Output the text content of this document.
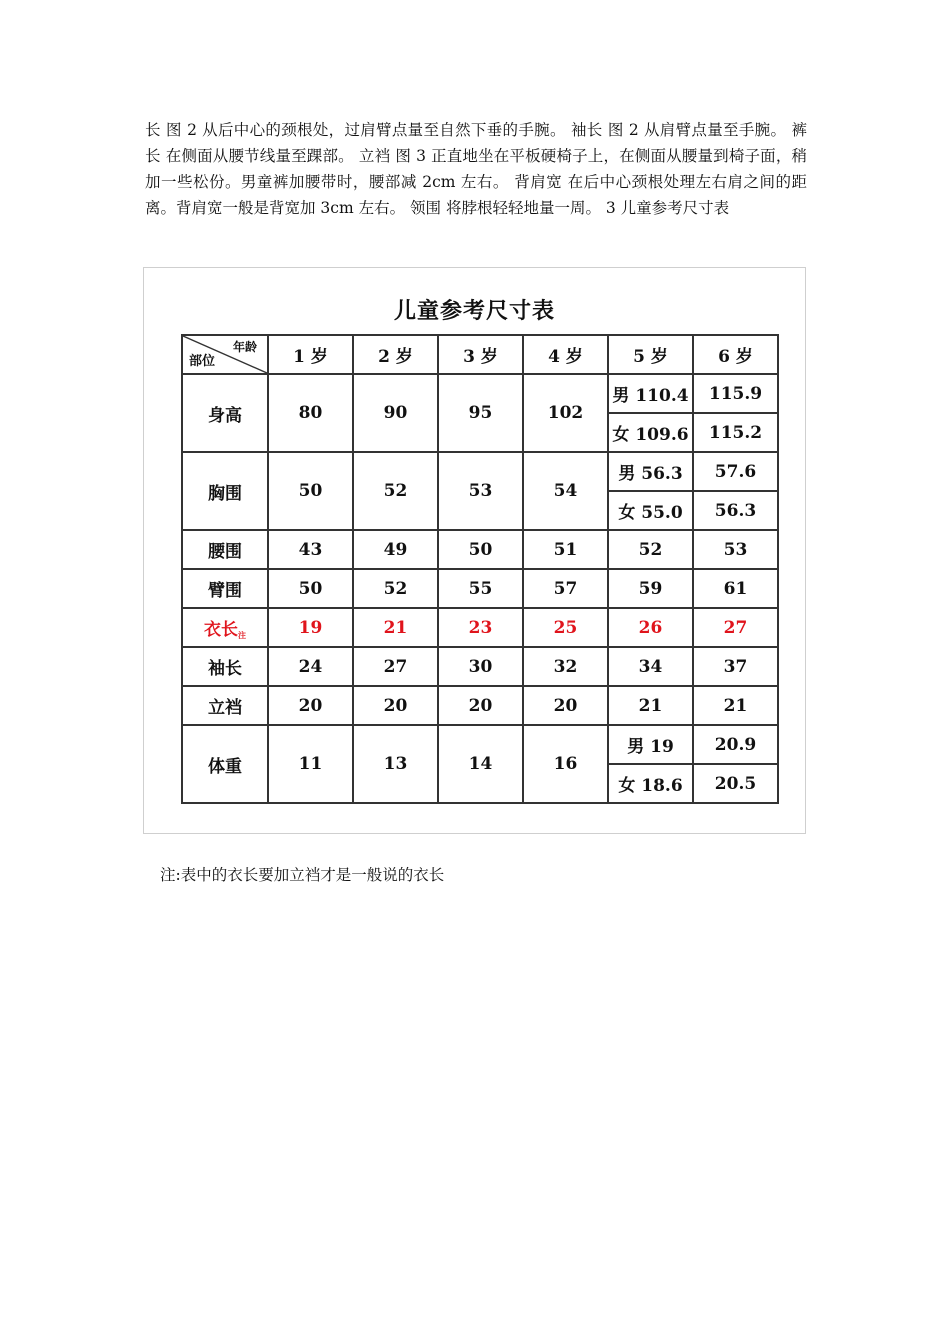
长 图 2 从后中心的颈根处，过肩臂点量至自然下垂的手腕。 袖长 图 2 从肩臂点量至手腕。 裤长 在侧面从腰节线量至踝部。 立裆 图 3 正直地坐在平板硬椅子上，在侧面从腰量到椅子面，稍加一些松份。男童裤加腰带时，腰部减 2cm 左右。 背肩宽 在后中心颈根处理左右肩之间的距离。背肩宽一般是背宽加 3cm 左右。 领围 将脖根轻轻地量一周。 3 儿童参考尺寸表
儿童参考尺寸表
年龄
部位	1 岁	2 岁	3 岁	4 岁	5 岁	6 岁
身高	80	90	95	102	男 110.4	115.9
					女 109.6	115.2
胸围	50	52	53	54	男 56.3	57.6
					女 55.0	56.3
腰围	43	49	50	51	52	53
臂围	50	52	55	57	59	61
衣长注	19	21	23	25	26	27
袖长	24	27	30	32	34	37
立裆	20	20	20	20	21	21
体重	11	13	14	16	男 19	20.9
					女 18.6	20.5
注:表中的衣长要加立裆才是一般说的衣长
